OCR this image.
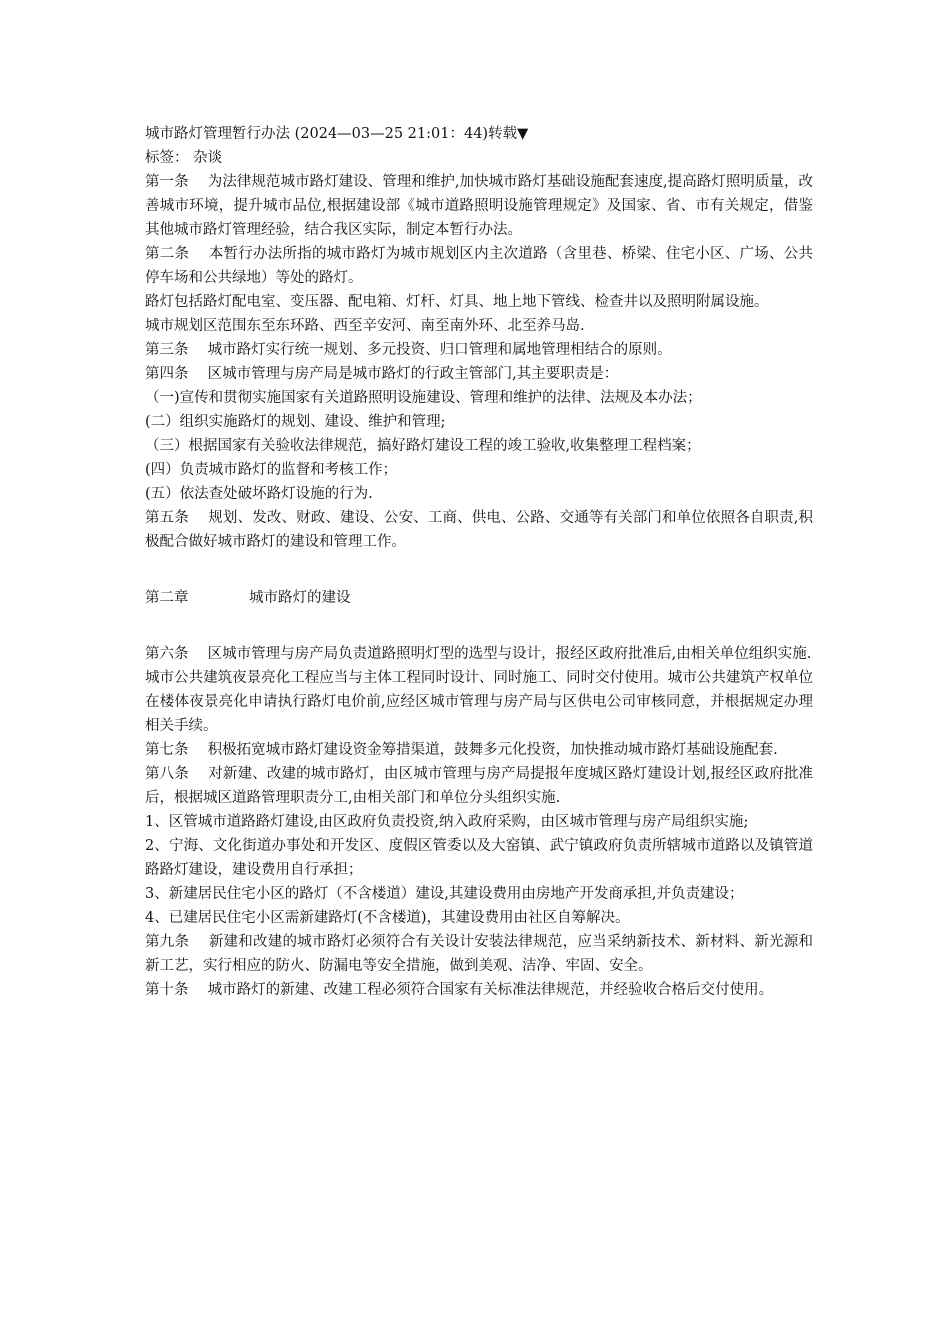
城市路灯管理暂行办法 (2024—03—25 21:01：44)转载▼
标签： 杂谈
第一条　 为法律规范城市路灯建设、管理和维护,加快城市路灯基础设施配套速度,提高路灯照明质量，改善城市环境，提升城市品位,根据建设部《城市道路照明设施管理规定》及国家、省、市有关规定，借鉴其他城市路灯管理经验，结合我区实际，制定本暂行办法。
第二条　 本暂行办法所指的城市路灯为城市规划区内主次道路（含里巷、桥梁、住宅小区、广场、公共停车场和公共绿地）等处的路灯。
路灯包括路灯配电室、变压器、配电箱、灯杆、灯具、地上地下管线、检查井以及照明附属设施。
城市规划区范围东至东环路、西至辛安河、南至南外环、北至养马岛.
第三条　 城市路灯实行统一规划、多元投资、归口管理和属地管理相结合的原则。
第四条　 区城市管理与房产局是城市路灯的行政主管部门,其主要职责是：
（一)宣传和贯彻实施国家有关道路照明设施建设、管理和维护的法律、法规及本办法；
(二）组织实施路灯的规划、建设、维护和管理;
（三）根据国家有关验收法律规范，搞好路灯建设工程的竣工验收,收集整理工程档案；
(四）负责城市路灯的监督和考核工作；
(五）依法查处破坏路灯设施的行为.
第五条　 规划、发改、财政、建设、公安、工商、供电、公路、交通等有关部门和单位依照各自职责,积极配合做好城市路灯的建设和管理工作。
第二章	城市路灯的建设
第六条　 区城市管理与房产局负责道路照明灯型的选型与设计，报经区政府批准后,由相关单位组织实施.
城市公共建筑夜景亮化工程应当与主体工程同时设计、同时施工、同时交付使用。城市公共建筑产权单位在楼体夜景亮化申请执行路灯电价前,应经区城市管理与房产局与区供电公司审核同意，并根据规定办理相关手续。
第七条　 积极拓宽城市路灯建设资金筹措渠道，鼓舞多元化投资，加快推动城市路灯基础设施配套.
第八条　 对新建、改建的城市路灯，由区城市管理与房产局提报年度城区路灯建设计划,报经区政府批准后，根据城区道路管理职责分工,由相关部门和单位分头组织实施.
1、区管城市道路路灯建设,由区政府负责投资,纳入政府采购，由区城市管理与房产局组织实施;
2、宁海、文化街道办事处和开发区、度假区管委以及大窑镇、武宁镇政府负责所辖城市道路以及镇管道路路灯建设，建设费用自行承担；
3、新建居民住宅小区的路灯（不含楼道）建设,其建设费用由房地产开发商承担,并负责建设；
4、已建居民住宅小区需新建路灯(不含楼道)，其建设费用由社区自筹解决。
第九条　 新建和改建的城市路灯必须符合有关设计安装法律规范，应当采纳新技术、新材料、新光源和新工艺，实行相应的防火、防漏电等安全措施，做到美观、洁净、牢固、安全。
第十条　 城市路灯的新建、改建工程必须符合国家有关标准法律规范，并经验收合格后交付使用。
